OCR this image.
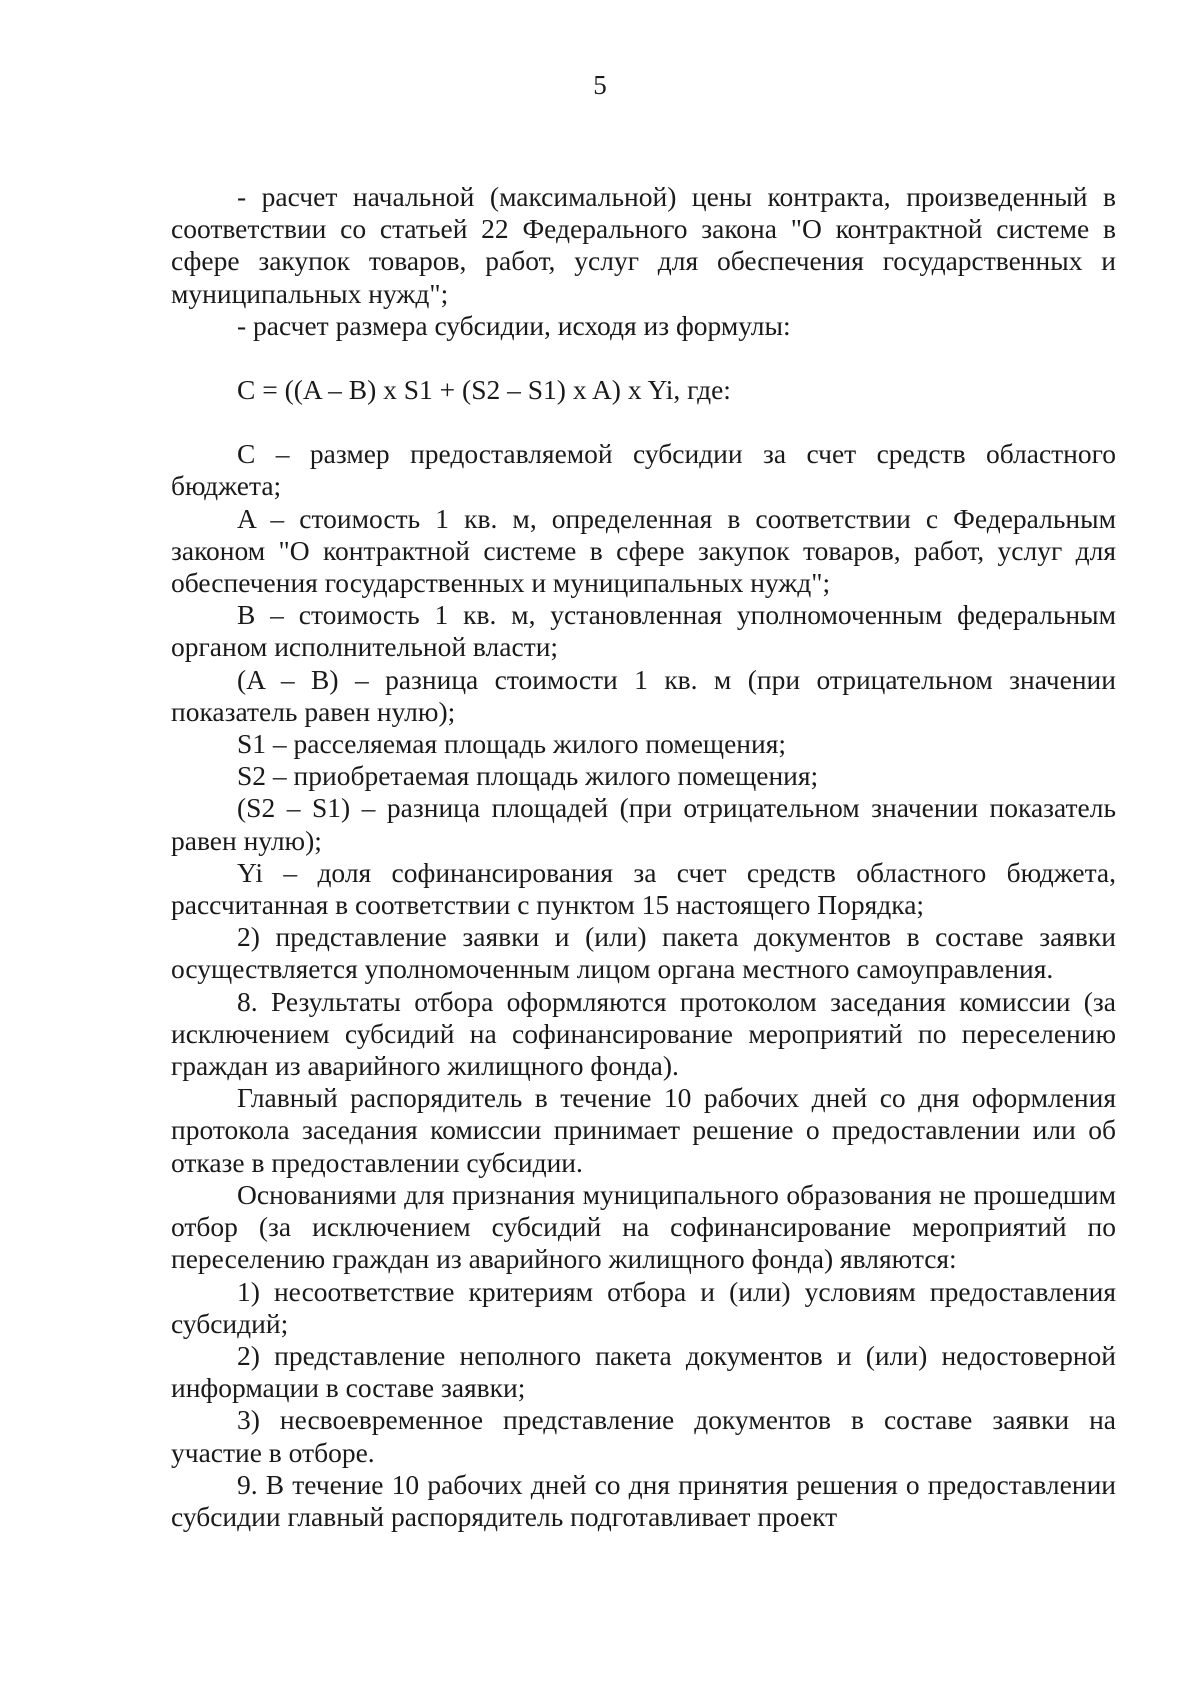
5

- расчет начальной (максимальной) цены контракта, произведенный в соответствии со статьей 22 Федерального закона "О контрактной системе в сфере закупок товаров, работ, услуг для обеспечения государственных и муниципальных нужд";

- расчет размера субсидии, исходя из формулы:

C = ((A – B) x S1 + (S2 – S1) x A) x Yi, где:

C – размер предоставляемой субсидии за счет средств областного бюджета;

A – стоимость 1 кв. м, определенная в соответствии с Федеральным законом "О контрактной системе в сфере закупок товаров, работ, услуг для обеспечения государственных и муниципальных нужд";

B – стоимость 1 кв. м, установленная уполномоченным федеральным органом исполнительной власти;

(A – B) – разница стоимости 1 кв. м (при отрицательном значении показатель равен нулю);

S1 – расселяемая площадь жилого помещения;

S2 – приобретаемая площадь жилого помещения;

(S2 – S1) – разница площадей (при отрицательном значении показатель равен нулю);

Yi – доля софинансирования за счет средств областного бюджета, рассчитанная в соответствии с пунктом 15 настоящего Порядка;

2) представление заявки и (или) пакета документов в составе заявки осуществляется уполномоченным лицом органа местного самоуправления.

8. Результаты отбора оформляются протоколом заседания комиссии (за исключением субсидий на софинансирование мероприятий по переселению граждан из аварийного жилищного фонда).

Главный распорядитель в течение 10 рабочих дней со дня оформления протокола заседания комиссии принимает решение о предоставлении или об отказе в предоставлении субсидии.

Основаниями для признания муниципального образования не прошедшим отбор (за исключением субсидий на софинансирование мероприятий по переселению граждан из аварийного жилищного фонда) являются:

1) несоответствие критериям отбора и (или) условиям предоставления субсидий;

2) представление неполного пакета документов и (или) недостоверной информации в составе заявки;

3) несвоевременное представление документов в составе заявки на участие в отборе.

9. В течение 10 рабочих дней со дня принятия решения о предоставлении субсидии главный распорядитель подготавливает проект
